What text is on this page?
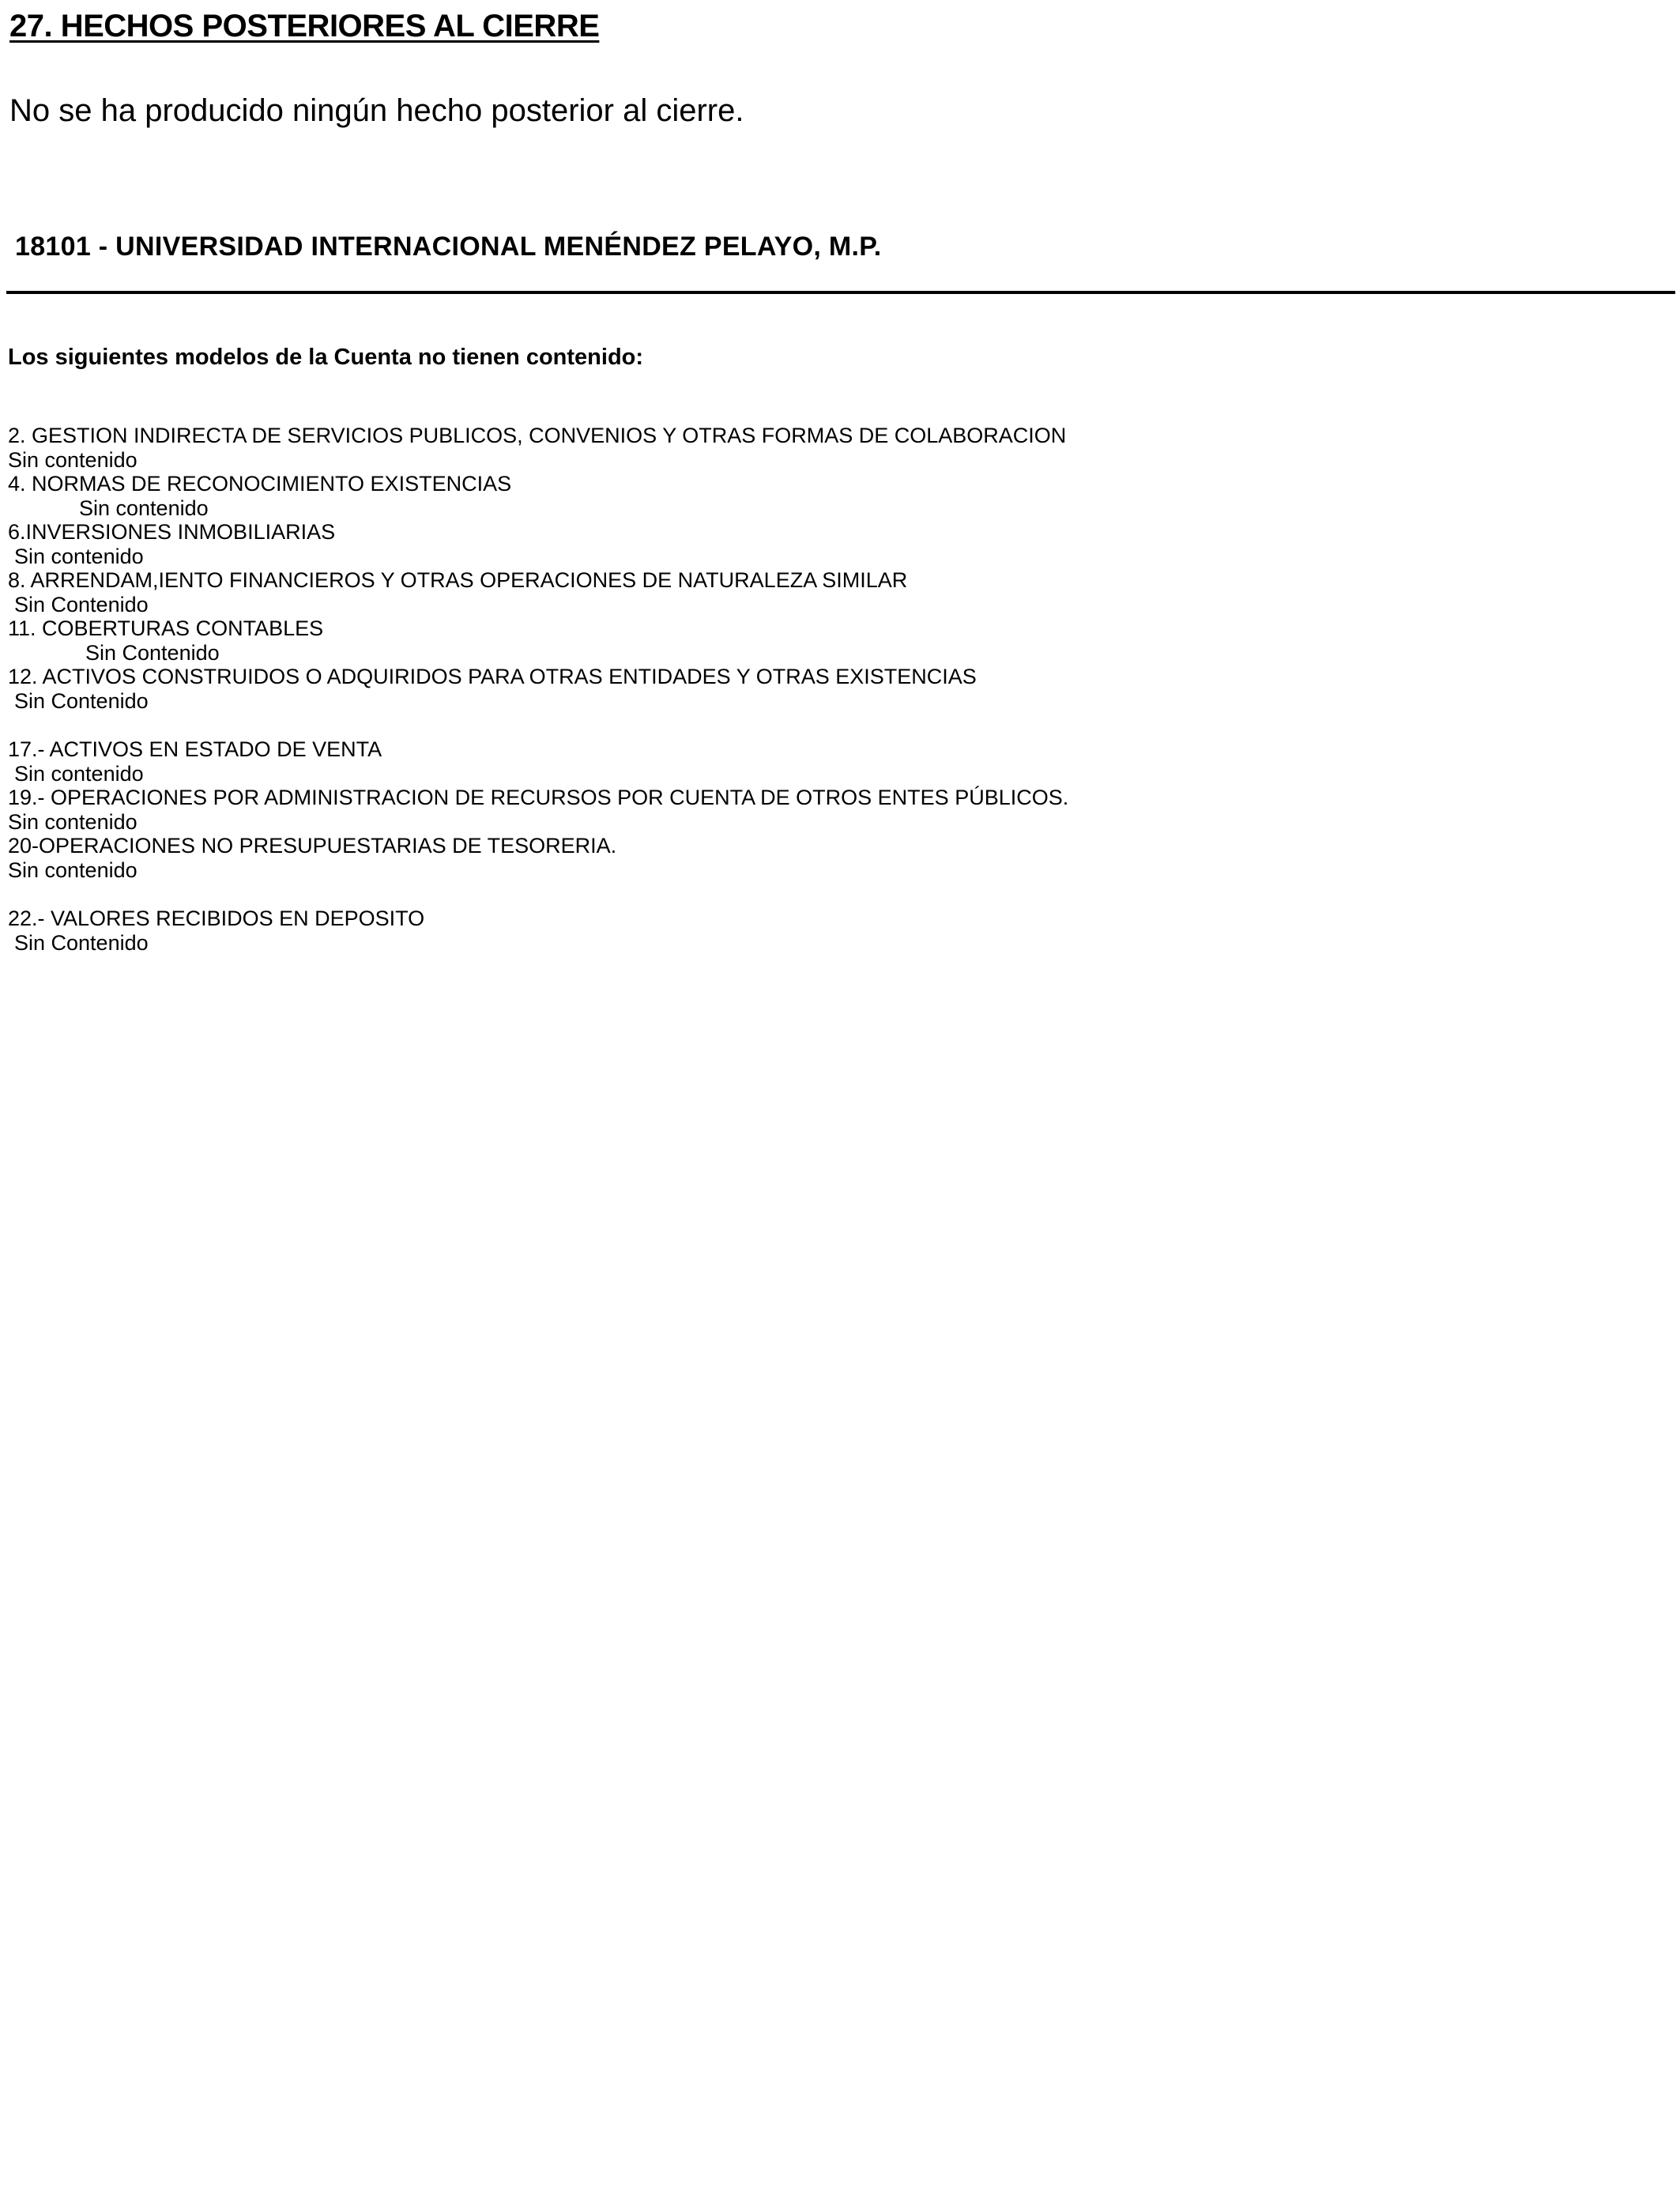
27. HECHOS POSTERIORES AL CIERRE
No se ha producido ningún hecho posterior al cierre.
18101 - UNIVERSIDAD INTERNACIONAL MENÉNDEZ PELAYO, M.P.
Los siguientes modelos de la Cuenta no tienen contenido:
2. GESTION INDIRECTA DE SERVICIOS PUBLICOS, CONVENIOS Y OTRAS FORMAS DE COLABORACION
Sin contenido
4. NORMAS DE RECONOCIMIENTO EXISTENCIAS
Sin contenido
6.INVERSIONES INMOBILIARIAS
Sin contenido
8. ARRENDAM,IENTO FINANCIEROS Y OTRAS OPERACIONES DE NATURALEZA SIMILAR
Sin Contenido
11. COBERTURAS CONTABLES
Sin Contenido
12. ACTIVOS CONSTRUIDOS O ADQUIRIDOS PARA OTRAS ENTIDADES Y OTRAS EXISTENCIAS
Sin Contenido
17.- ACTIVOS EN ESTADO DE VENTA
Sin contenido
19.- OPERACIONES POR ADMINISTRACION DE RECURSOS POR CUENTA DE OTROS ENTES PÚBLICOS.
Sin contenido
20-OPERACIONES NO PRESUPUESTARIAS DE TESORERIA.
Sin contenido
22.- VALORES RECIBIDOS EN DEPOSITO
Sin Contenido
